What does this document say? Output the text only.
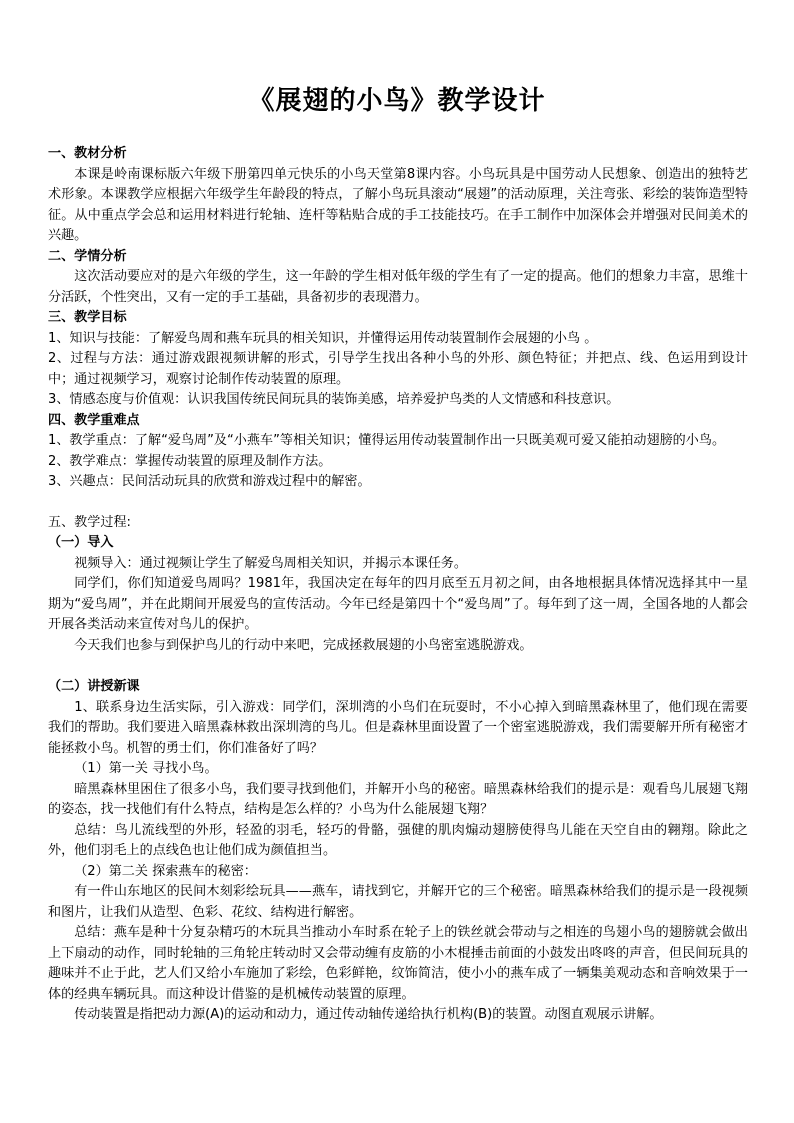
《展翅的小鸟》教学设计

一、教材分析

本课是岭南课标版六年级下册第四单元快乐的小鸟天堂第8课内容。小鸟玩具是中国劳动人民想象、创造出的独特艺术形象。本课教学应根据六年级学生年龄段的特点，了解小鸟玩具滚动“展翅”的活动原理，关注弯张、彩绘的装饰造型特征。从中重点学会总和运用材料进行轮轴、连杆等粘贴合成的手工技能技巧。在手工制作中加深体会并增强对民间美术的兴趣。

二、学情分析

这次活动要应对的是六年级的学生，这一年龄的学生相对低年级的学生有了一定的提高。他们的想象力丰富，思维十分活跃，个性突出，又有一定的手工基础，具备初步的表现潜力。

三、教学目标

1、知识与技能：了解爱鸟周和燕车玩具的相关知识，并懂得运用传动装置制作会展翅的小鸟 。

2、过程与方法：通过游戏跟视频讲解的形式，引导学生找出各种小鸟的外形、颜色特征；并把点、线、色运用到设计中；通过视频学习，观察讨论制作传动装置的原理。

3、情感态度与价值观：认识我国传统民间玩具的装饰美感，培养爱护鸟类的人文情感和科技意识。

四、教学重难点

1、教学重点：了解“爱鸟周”及“小燕车”等相关知识；懂得运用传动装置制作出一只既美观可爱又能拍动翅膀的小鸟。

2、教学难点：掌握传动装置的原理及制作方法。

3、兴趣点：民间活动玩具的欣赏和游戏过程中的解密。

五、教学过程:

（一）导入

视频导入：通过视频让学生了解爱鸟周相关知识，并揭示本课任务。

同学们，你们知道爱鸟周吗？1981年，我国决定在每年的四月底至五月初之间，由各地根据具体情况选择其中一星期为“爱鸟周”，并在此期间开展爱鸟的宣传活动。今年已经是第四十个“爱鸟周”了。每年到了这一周，全国各地的人都会开展各类活动来宣传对鸟儿的保护。

今天我们也参与到保护鸟儿的行动中来吧，完成拯救展翅的小鸟密室逃脱游戏。

（二）讲授新课

1、联系身边生活实际，引入游戏：同学们，深圳湾的小鸟们在玩耍时，不小心掉入到暗黑森林里了，他们现在需要我们的帮助。我们要进入暗黑森林救出深圳湾的鸟儿。但是森林里面设置了一个密室逃脱游戏，我们需要解开所有秘密才能拯救小鸟。机智的勇士们，你们准备好了吗？

（1）第一关 寻找小鸟。

暗黑森林里困住了很多小鸟，我们要寻找到他们，并解开小鸟的秘密。暗黑森林给我们的提示是：观看鸟儿展翅飞翔的姿态，找一找他们有什么特点，结构是怎么样的？小鸟为什么能展翅飞翔？

总结：鸟儿流线型的外形，轻盈的羽毛，轻巧的骨骼，强健的肌肉煽动翅膀使得鸟儿能在天空自由的翱翔。除此之外，他们羽毛上的点线色也让他们成为颜值担当。

（2）第二关 探索燕车的秘密：

有一件山东地区的民间木刻彩绘玩具——燕车，请找到它，并解开它的三个秘密。暗黑森林给我们的提示是一段视频和图片，让我们从造型、色彩、花纹、结构进行解密。

总结：燕车是种十分复杂精巧的木玩具当推动小车时系在轮子上的铁丝就会带动与之相连的鸟翅小鸟的翅膀就会做出上下扇动的动作，同时轮轴的三角轮庄转动时又会带动缠有皮筋的小木棍捶击前面的小鼓发出咚咚的声音，但民间玩具的趣味并不止于此，艺人们又给小车施加了彩绘，色彩鲜艳，纹饰简洁，使小小的燕车成了一辆集美观动态和音响效果于一体的经典车辆玩具。而这种设计借鉴的是机械传动装置的原理。

传动装置是指把动力源(A)的运动和动力，通过传动轴传递给执行机构(B)的装置。动图直观展示讲解。
